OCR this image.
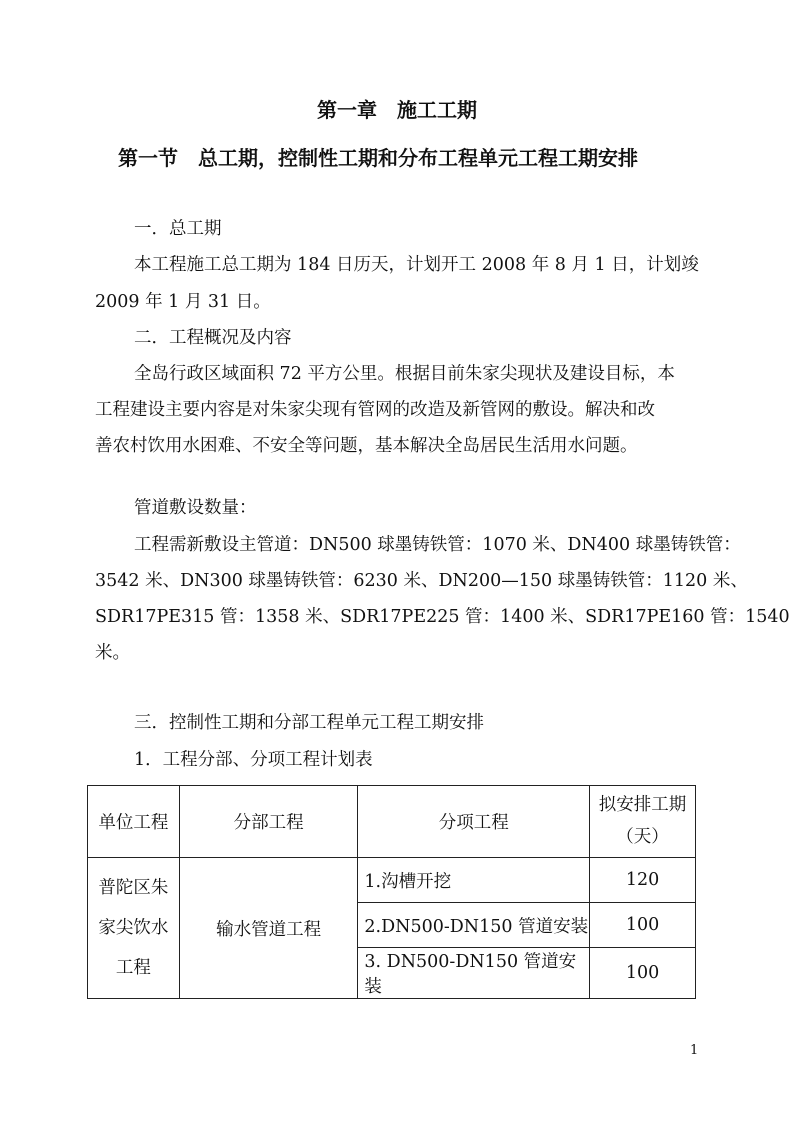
第一章　施工工期
第一节　总工期，控制性工期和分布工程单元工程工期安排
一．总工期
本工程施工总工期为 184 日历天，计划开工 2008 年 8 月 1 日，计划竣
2009 年 1 月 31 日。
二．工程概况及内容
全岛行政区域面积 72 平方公里。根据目前朱家尖现状及建设目标，本
工程建设主要内容是对朱家尖现有管网的改造及新管网的敷设。解决和改
善农村饮用水困难、不安全等问题，基本解决全岛居民生活用水问题。
管道敷设数量：
工程需新敷设主管道：DN500 球墨铸铁管：1070 米、DN400 球墨铸铁管：
3542 米、DN300 球墨铸铁管：6230 米、DN200—150 球墨铸铁管：1120 米、
SDR17PE315 管：1358 米、SDR17PE225 管：1400 米、SDR17PE160 管：1540
米。
三．控制性工期和分部工程单元工程工期安排
1．工程分部、分项工程计划表
单位工程	分部工程	分项工程	拟安排工期
（天）

普陀区朱
家尖饮水
工程	输水管道工程	1.沟槽开挖	120
		2.DN500-DN150 管道安装	100
		3. DN500-DN150 管道安装	100
1
